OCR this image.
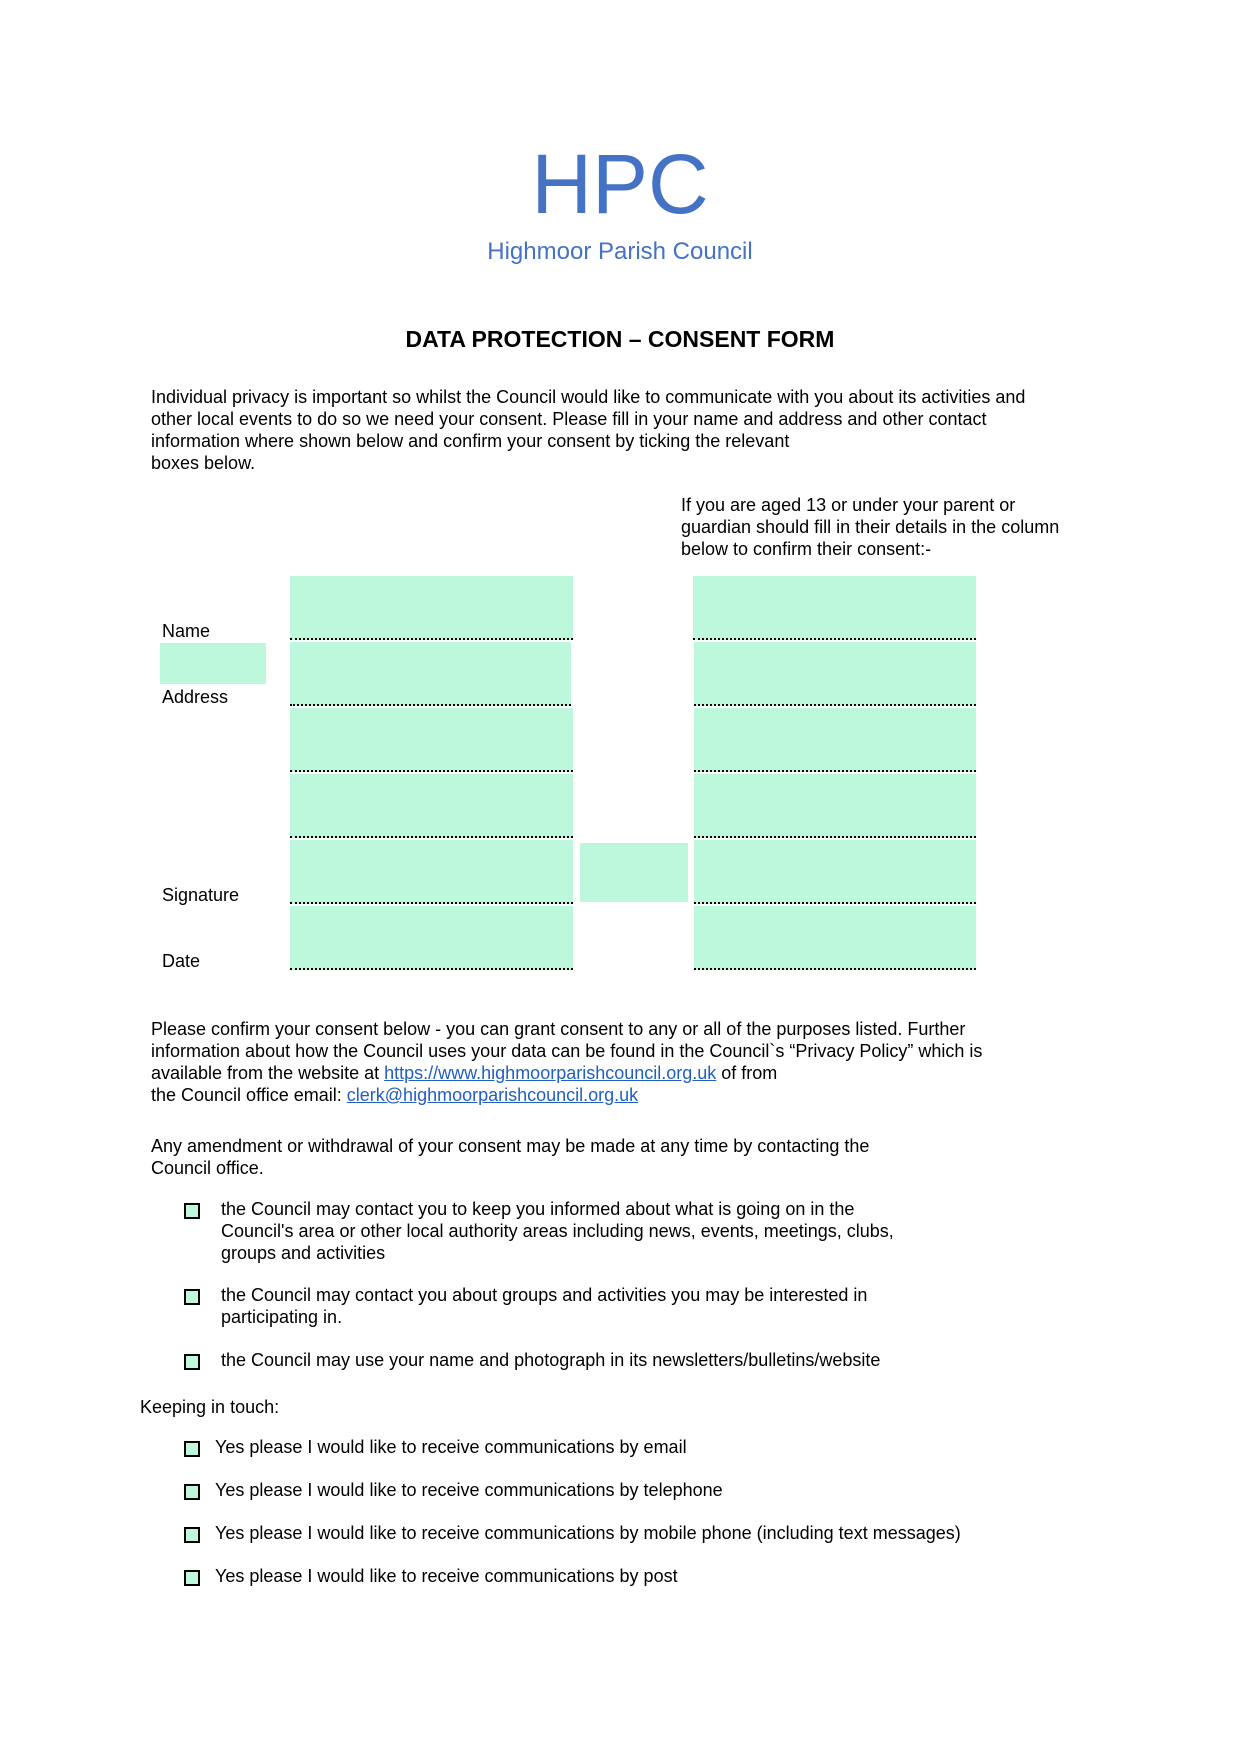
HPC
Highmoor Parish Council
DATA PROTECTION – CONSENT FORM
Individual privacy is important so whilst the Council would like to communicate with you about its activities and
other local events to do so we need your consent. Please fill in your name and address and other contact
information where shown below and confirm your consent by ticking the relevant
boxes below.
If you are aged 13 or under your parent or
guardian should fill in their details in the column
below to confirm their consent:-
Name
Address
Signature
Date
Please confirm your consent below - you can grant consent to any or all of the purposes listed. Further
information about how the Council uses your data can be found in the Council`s “Privacy Policy” which is
available from the website at https://www.highmoorparishcouncil.org.uk of from
the Council office email: clerk@highmoorparishcouncil.org.uk
Any amendment or withdrawal of your consent may be made at any time by contacting the
Council office.
the Council may contact you to keep you informed about what is going on in the
Council's area or other local authority areas including news, events, meetings, clubs,
groups and activities
the Council may contact you about groups and activities you may be interested in
participating in.
the Council may use your name and photograph in its newsletters/bulletins/website
Keeping in touch:
Yes please I would like to receive communications by email
Yes please I would like to receive communications by telephone
Yes please I would like to receive communications by mobile phone (including text messages)
Yes please I would like to receive communications by post
